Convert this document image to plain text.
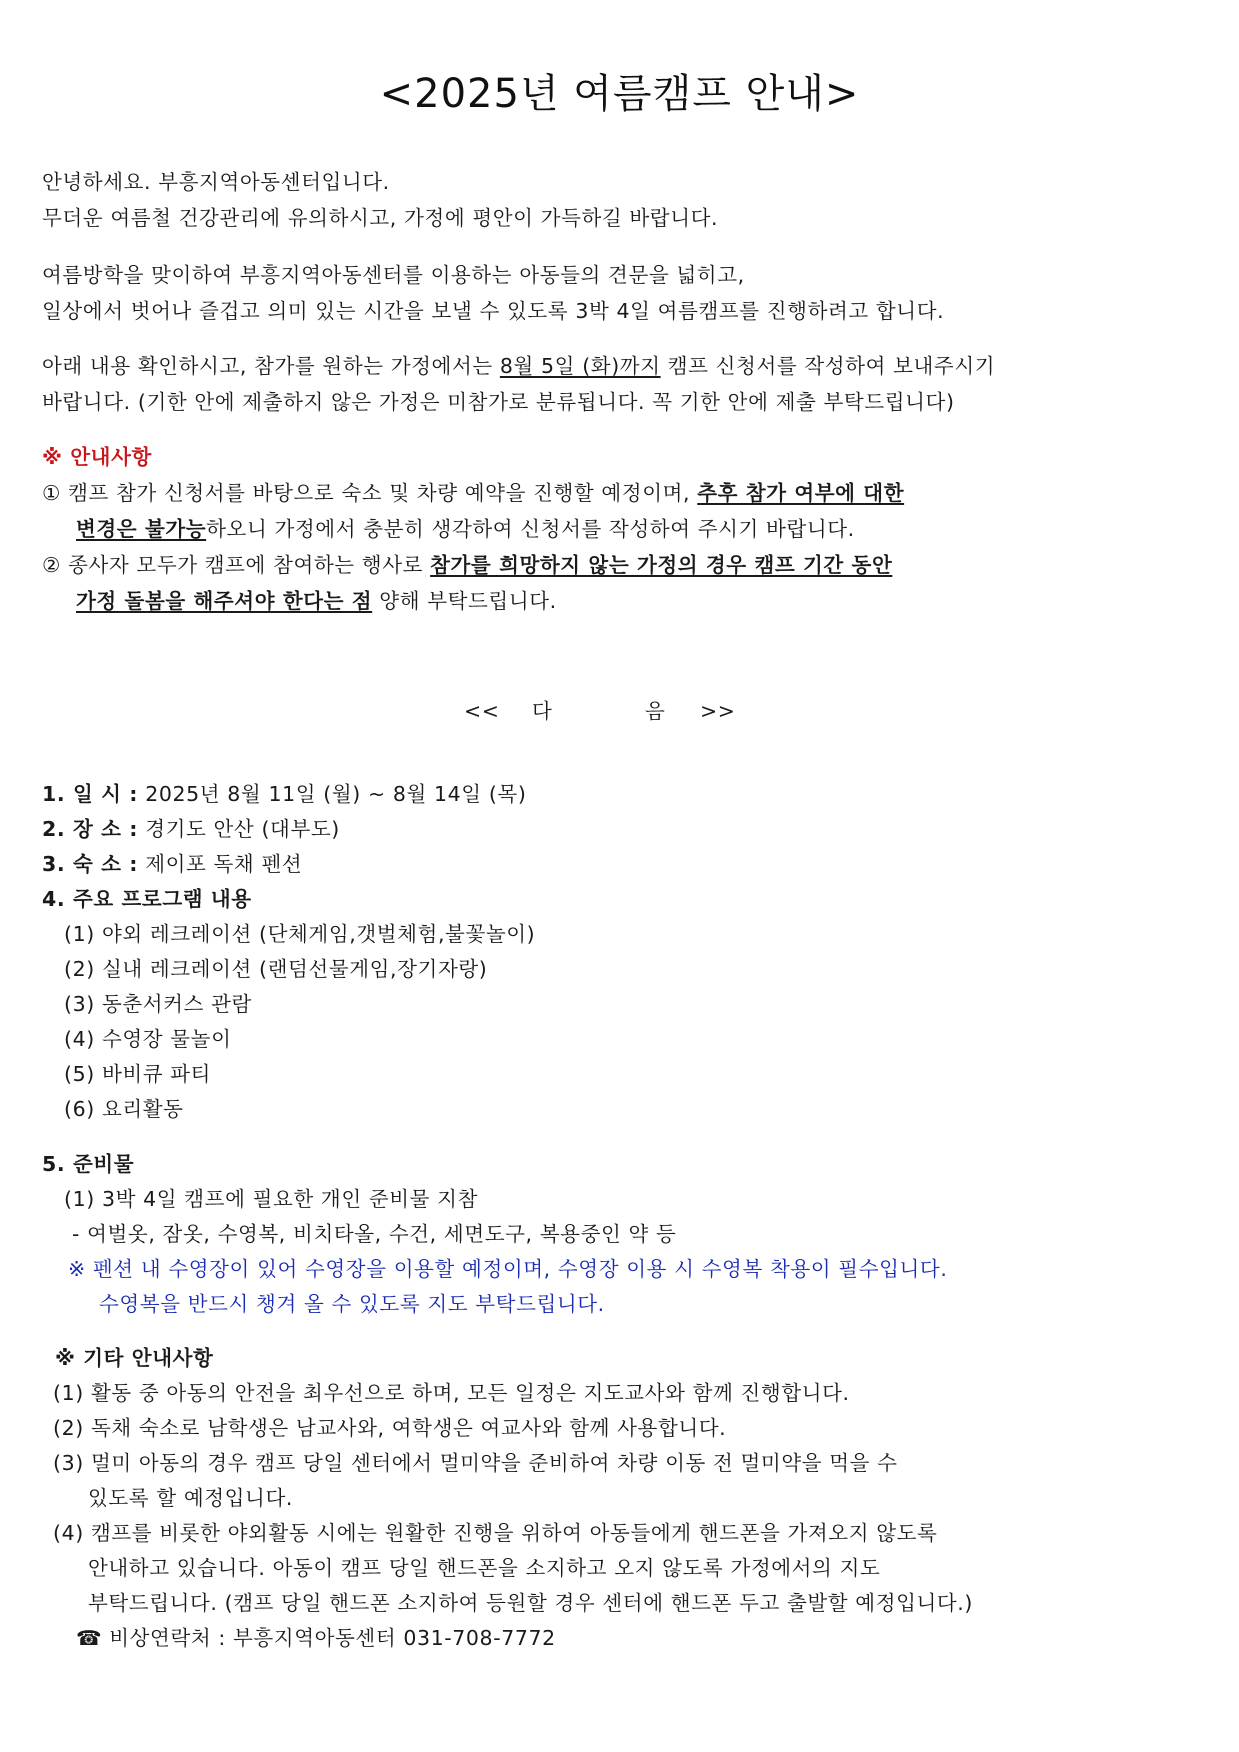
<2025년 여름캠프 안내>
안녕하세요. 부흥지역아동센터입니다.
무더운 여름철 건강관리에 유의하시고, 가정에 평안이 가득하길 바랍니다.
여름방학을 맞이하여 부흥지역아동센터를 이용하는 아동들의 견문을 넓히고,
일상에서 벗어나 즐겁고 의미 있는 시간을 보낼 수 있도록 3박 4일 여름캠프를 진행하려고 합니다.
아래 내용 확인하시고, 참가를 원하는 가정에서는 8월 5일 (화)까지 캠프 신청서를 작성하여 보내주시기
바랍니다. (기한 안에 제출하지 않은 가정은 미참가로 분류됩니다. 꼭 기한 안에 제출 부탁드립니다)
※ 안내사항
① 캠프 참가 신청서를 바탕으로 숙소 및 차량 예약을 진행할 예정이며, 추후 참가 여부에 대한
변경은 불가능하오니 가정에서 충분히 생각하여 신청서를 작성하여 주시기 바랍니다.
② 종사자 모두가 캠프에 참여하는 행사로 참가를 희망하지 않는 가정의 경우 캠프 기간 동안
가정 돌봄을 해주셔야 한다는 점 양해 부탁드립니다.
<< 다	음 >>
1. 일 시 : 2025년 8월 11일 (월) ~ 8월 14일 (목)
2. 장 소 : 경기도 안산 (대부도)
3. 숙 소 : 제이포 독채 펜션
4. 주요 프로그램 내용
(1) 야외 레크레이션 (단체게임,갯벌체험,불꽃놀이)
(2) 실내 레크레이션 (랜덤선물게임,장기자랑)
(3) 동춘서커스 관람
(4) 수영장 물놀이
(5) 바비큐 파티
(6) 요리활동
5. 준비물
(1) 3박 4일 캠프에 필요한 개인 준비물 지참
- 여벌옷, 잠옷, 수영복, 비치타올, 수건, 세면도구, 복용중인 약 등
※ 펜션 내 수영장이 있어 수영장을 이용할 예정이며, 수영장 이용 시 수영복 착용이 필수입니다.
수영복을 반드시 챙겨 올 수 있도록 지도 부탁드립니다.
※ 기타 안내사항
(1) 활동 중 아동의 안전을 최우선으로 하며, 모든 일정은 지도교사와 함께 진행합니다.
(2) 독채 숙소로 남학생은 남교사와, 여학생은 여교사와 함께 사용합니다.
(3) 멀미 아동의 경우 캠프 당일 센터에서 멀미약을 준비하여 차량 이동 전 멀미약을 먹을 수
있도록 할 예정입니다.
(4) 캠프를 비롯한 야외활동 시에는 원활한 진행을 위하여 아동들에게 핸드폰을 가져오지 않도록
안내하고 있습니다. 아동이 캠프 당일 핸드폰을 소지하고 오지 않도록 가정에서의 지도
부탁드립니다. (캠프 당일 핸드폰 소지하여 등원할 경우 센터에 핸드폰 두고 출발할 예정입니다.)
☎ 비상연락처 : 부흥지역아동센터 031-708-7772
